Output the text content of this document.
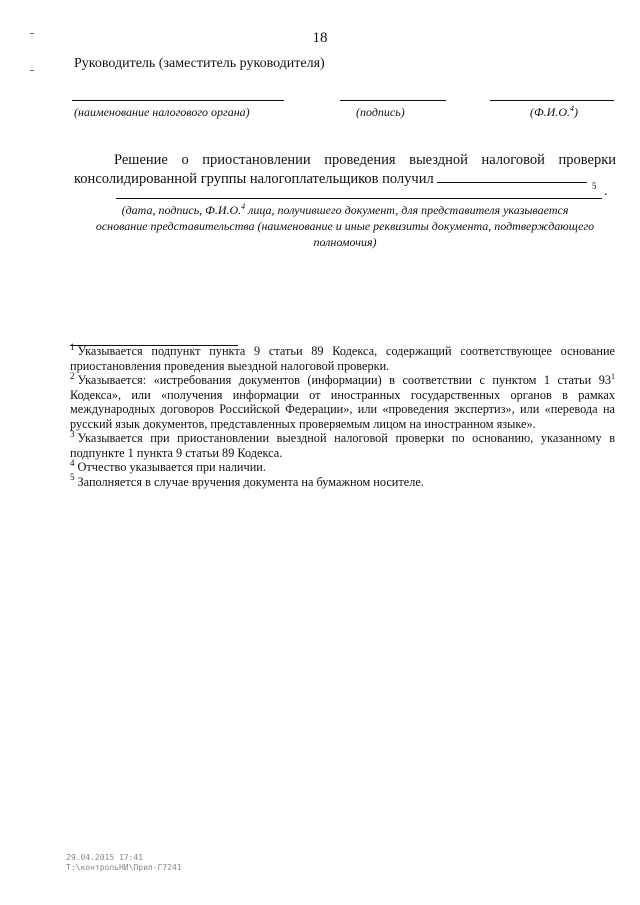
18
Руководитель (заместитель руководителя)
(наименование налогового органа)	(подпись)	(Ф.И.О.$^4$)
Решение о приостановлении проведения выездной налоговой проверки
консолидированной группы налогоплательщиков получил	5 .
(дата, подпись, Ф.И.О.$^4$ лица, получившего документ, для представителя указывается
основание представительства (наименование и иные реквизиты документа, подтверждающего
полномочия)

$^1$ Указывается подпункт пункта 9 статьи 89 Кодекса, содержащий соответствующее основание приостановления проведения выездной налоговой проверки.

$^2$ Указывается: «истребования документов (информации) в соответствии с пунктом 1 статьи $93^1$ Кодекса», или «получения информации от иностранных государственных органов в рамках международных договоров Российской Федерации», или «проведения экспертиз», или «перевода на русский язык документов, представленных проверяемым лицом на иностранном языке».

$^3$ Указывается при приостановлении выездной налоговой проверки по основанию, указанному в подпункте 1 пункта 9 статьи 89 Кодекса.

$^4$ Отчество указывается при наличии.

$^5$ Заполняется в случае вручения документа на бумажном носителе.

29.04.2015 17:41
Т:\контрольНИ\Прил-Г7241
